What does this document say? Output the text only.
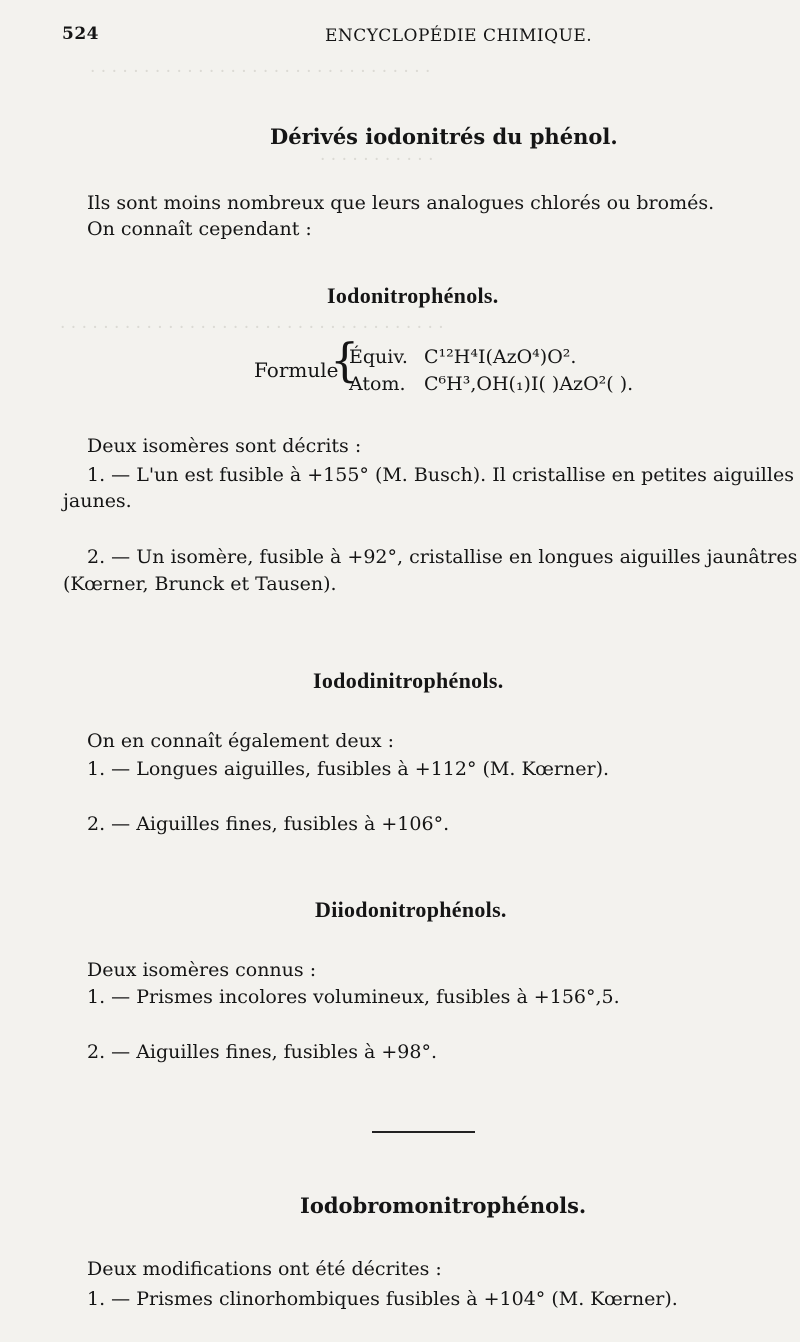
· · · · · · · · · · · · · · · · · · · · · · · · · · · · · · · ·
· · · · · · · · · · ·
· · · · · · · · · · · · · · · · · · · · · · · · · · · · · · · · · · · ·
524	ENCYCLOPÉDIE CHIMIQUE.
Dérivés iodonitrés du phénol.
Ils sont moins nombreux que leurs analogues chlorés ou bromés.
On connaît cependant :
Iodonitrophénols.
Formule
{
Équiv. C¹²H⁴I(AzO⁴)O².
Atom. C⁶H³,OH(₁)I( )AzO²( ).
Deux isomères sont décrits :
1. — L'un est fusible à +155° (M. Busch). Il cristallise en petites aiguilles
jaunes.
2. — Un isomère, fusible à +92°, cristallise en longues aiguilles jaunâtres
(Kœrner, Brunck et Tausen).
Iododinitrophénols.
On en connaît également deux :
1. — Longues aiguilles, fusibles à +112° (M. Kœrner).
2. — Aiguilles fines, fusibles à +106°.
Diiodonitrophénols.
Deux isomères connus :
1. — Prismes incolores volumineux, fusibles à +156°,5.
2. — Aiguilles fines, fusibles à +98°.
Iodobromonitrophénols.
Deux modifications ont été décrites :
1. — Prismes clinorhombiques fusibles à +104° (M. Kœrner).
